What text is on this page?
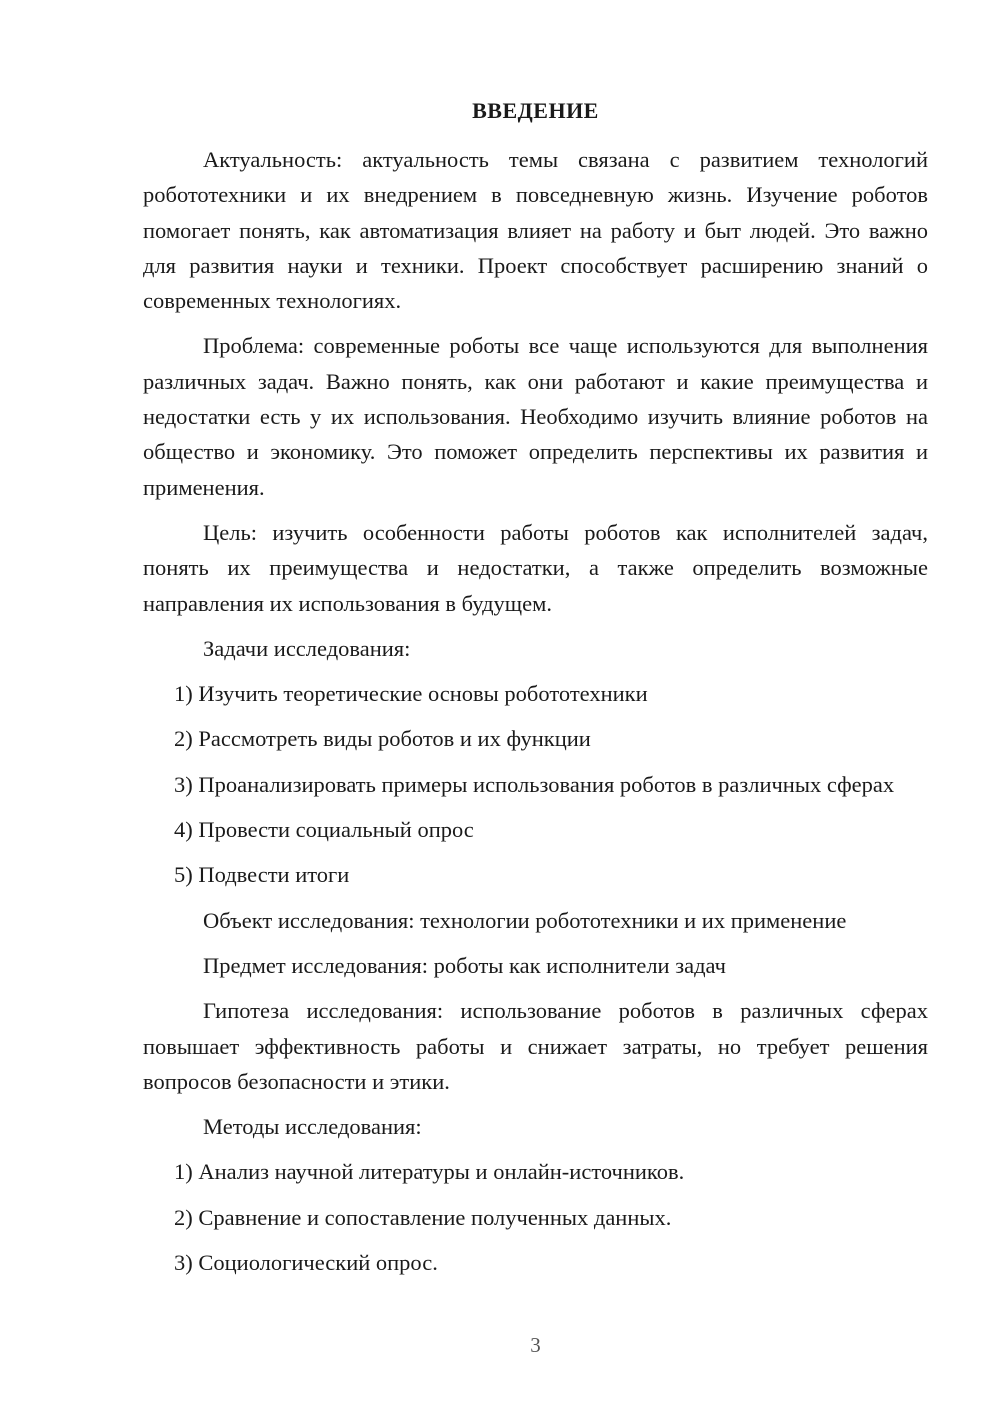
ВВЕДЕНИЕ

Актуальность: актуальность темы связана с развитием технологий робототехники и их внедрением в повседневную жизнь. Изучение роботов помогает понять, как автоматизация влияет на работу и быт людей. Это важно для развития науки и техники. Проект способствует расширению знаний о современных технологиях.

Проблема: современные роботы все чаще используются для выполнения различных задач. Важно понять, как они работают и какие преимущества и недостатки есть у их использования. Необходимо изучить влияние роботов на общество и экономику. Это поможет определить перспективы их развития и применения.

Цель: изучить особенности работы роботов как исполнителей задач, понять их преимущества и недостатки, а также определить возможные направления их использования в будущем.

Задачи исследования:

1) Изучить теоретические основы робототехники

2) Рассмотреть виды роботов и их функции

3) Проанализировать примеры использования роботов в различных сферах

4) Провести социальный опрос

5) Подвести итоги

Объект исследования: технологии робототехники и их применение

Предмет исследования: роботы как исполнители задач

Гипотеза исследования: использование роботов в различных сферах повышает эффективность работы и снижает затраты, но требует решения вопросов безопасности и этики.

Методы исследования:

1) Анализ научной литературы и онлайн-источников.

2) Сравнение и сопоставление полученных данных.

3) Социологический опрос.

3
